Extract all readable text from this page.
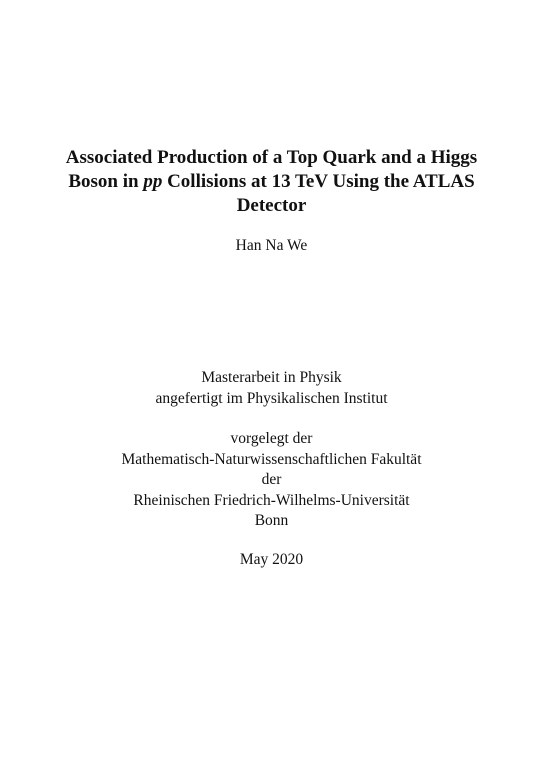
Associated Production of a Top Quark and a Higgs
Boson in pp Collisions at 13 TeV Using the ATLAS
Detector
Han Na We
Masterarbeit in Physik
angefertigt im Physikalischen Institut
vorgelegt der
Mathematisch-Naturwissenschaftlichen Fakultät
der
Rheinischen Friedrich-Wilhelms-Universität
Bonn
May 2020
